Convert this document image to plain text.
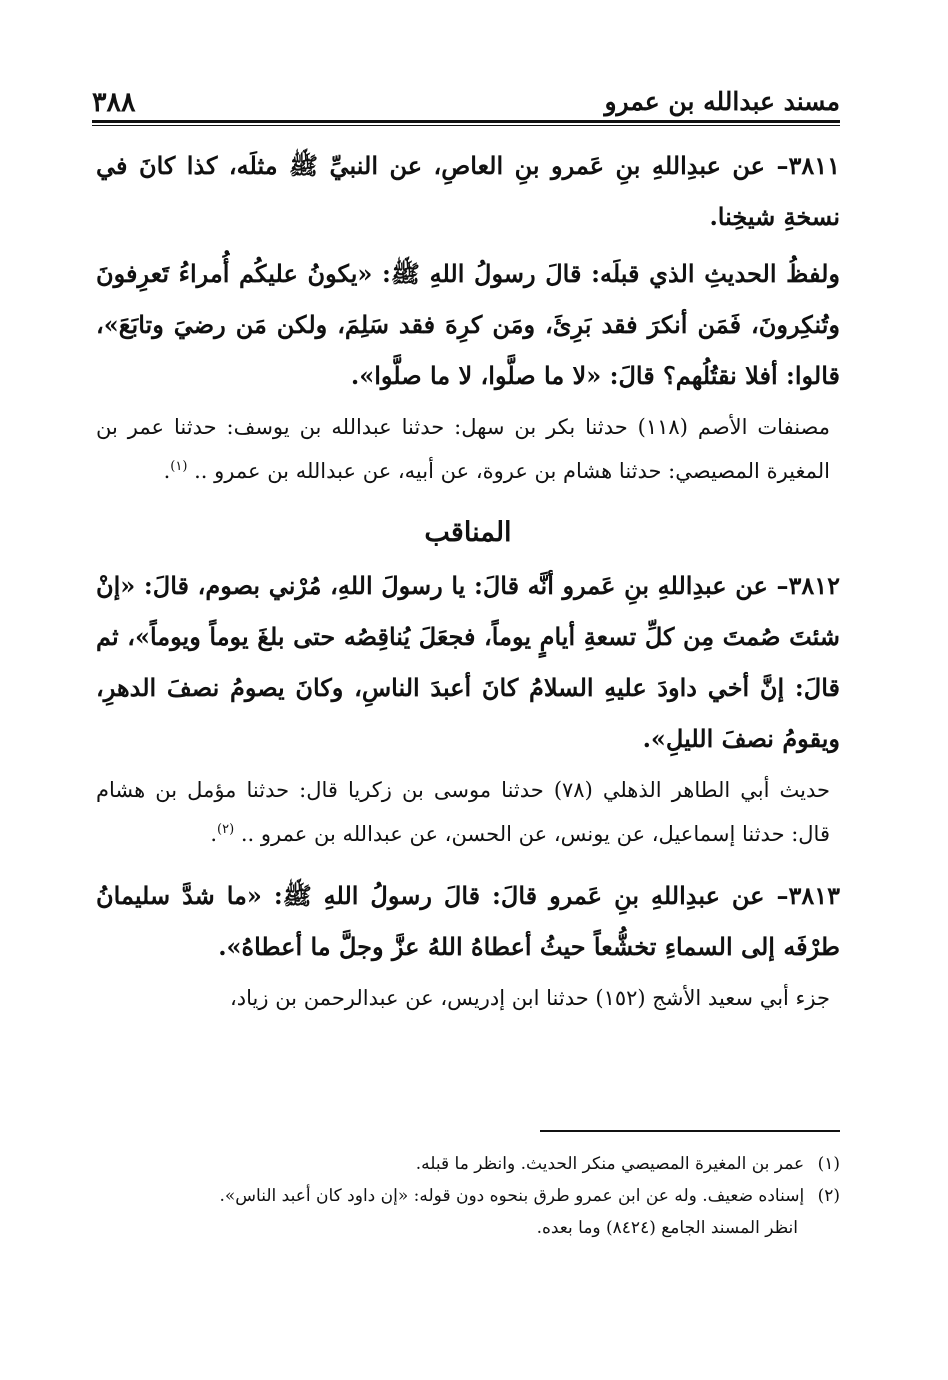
مسند عبدالله بن عمرو
٣٨٨

٣٨١١– عن عبدِاللهِ بنِ عَمرو بنِ العاصِ، عن النبيِّ ﷺ مثلَه، كذا كانَ في نسخةِ شيخِنا.

ولفظُ الحديثِ الذي قبلَه: قالَ رسولُ اللهِ ﷺ: «يكونُ عليكُم أُمراءُ تَعرِفونَ وتُنكِرونَ، فَمَن أنكرَ فقد بَرِئَ، ومَن كرِهَ فقد سَلِمَ، ولكن مَن رضيَ وتابَعَ»، قالوا: أفلا نقتُلُهم؟ قالَ: «لا ما صلَّوا، لا ما صلَّوا».

مصنفات الأصم (١١٨) حدثنا بكر بن سهل: حدثنا عبدالله بن يوسف: حدثنا عمر بن المغيرة المصيصي: حدثنا هشام بن عروة، عن أبيه، عن عبدالله بن عمرو .. $^{(١)}$.

المناقب

٣٨١٢– عن عبدِاللهِ بنِ عَمرو أنَّه قالَ: يا رسولَ اللهِ، مُرْني بصوم، قالَ: «إنْ شئتَ صُمتَ مِن كلِّ تسعةِ أيامٍ يوماً، فجعَلَ يُناقِصُه حتى بلغَ يوماً ويوماً»، ثم قالَ: إنَّ أخي داودَ عليهِ السلامُ كانَ أعبدَ الناسِ، وكانَ يصومُ نصفَ الدهرِ، ويقومُ نصفَ الليلِ».

حديث أبي الطاهر الذهلي (٧٨) حدثنا موسى بن زكريا قال: حدثنا مؤمل بن هشام قال: حدثنا إسماعيل، عن يونس، عن الحسن، عن عبدالله بن عمرو .. $^{(٢)}$.

٣٨١٣– عن عبدِاللهِ بنِ عَمرو قالَ: قالَ رسولُ اللهِ ﷺ: «ما شدَّ سليمانُ طرْفَه إلى السماءِ تخشُّعاً حيثُ أعطاهُ اللهُ عزَّ وجلَّ ما أعطاهُ».

جزء أبي سعيد الأشج (١٥٢) حدثنا ابن إدريس، عن عبدالرحمن بن زياد،

(١) عمر بن المغيرة المصيصي منكر الحديث. وانظر ما قبله.

(٢) إسناده ضعيف. وله عن ابن عمرو طرق بنحوه دون قوله: «إن داود كان أعبد الناس».

انظر المسند الجامع (٨٤٢٤) وما بعده.
